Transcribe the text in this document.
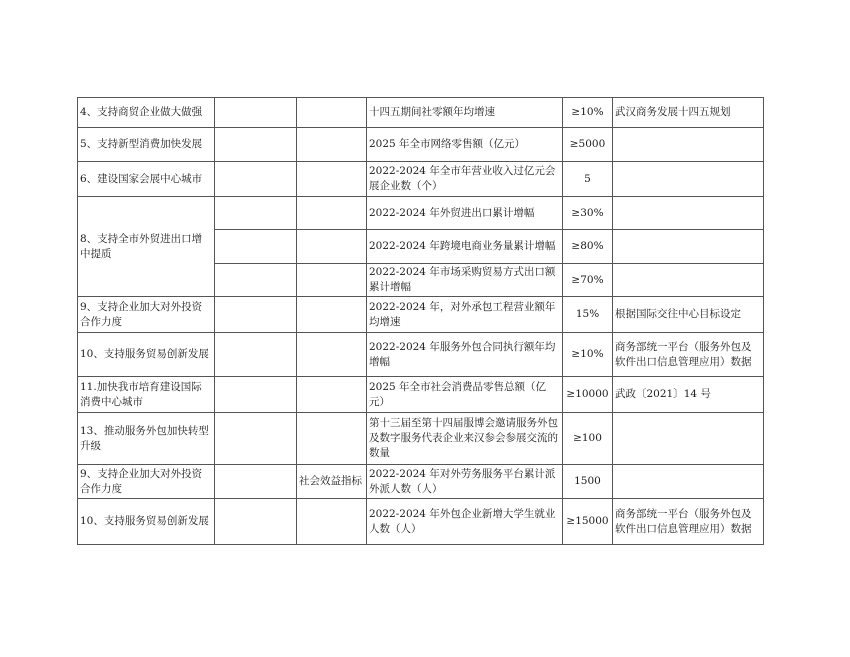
4、支持商贸企业做大做强			十四五期间社零额年均增速	≥10%	武汉商务发展十四五规划
5、支持新型消费加快发展			2025 年全市网络零售额（亿元）	≥5000	
6、建设国家会展中心城市			2022-2024 年全市年营业收入过亿元会展企业数（个）	5	
8、支持全市外贸进出口增中提质			2022-2024 年外贸进出口累计增幅	≥30%	
			2022-2024 年跨境电商业务量累计增幅	≥80%	
			2022-2024 年市场采购贸易方式出口额累计增幅	≥70%	
9、支持企业加大对外投资合作力度			2022-2024 年，对外承包工程营业额年均增速	15%	根据国际交往中心目标设定
10、支持服务贸易创新发展			2022-2024 年服务外包合同执行额年均增幅	≥10%	商务部统一平台（服务外包及软件出口信息管理应用）数据
11.加快我市培育建设国际消费中心城市			2025 年全市社会消费品零售总额（亿元）	≥10000	武政〔2021〕14 号
13、推动服务外包加快转型升级			第十三届至第十四届服博会邀请服务外包及数字服务代表企业来汉参会参展交流的数量	≥100	
9、支持企业加大对外投资合作力度		社会效益指标	2022-2024 年对外劳务服务平台累计派外派人数（人）	1500	
10、支持服务贸易创新发展			2022-2024 年外包企业新增大学生就业人数（人）	≥15000	商务部统一平台（服务外包及软件出口信息管理应用）数据
